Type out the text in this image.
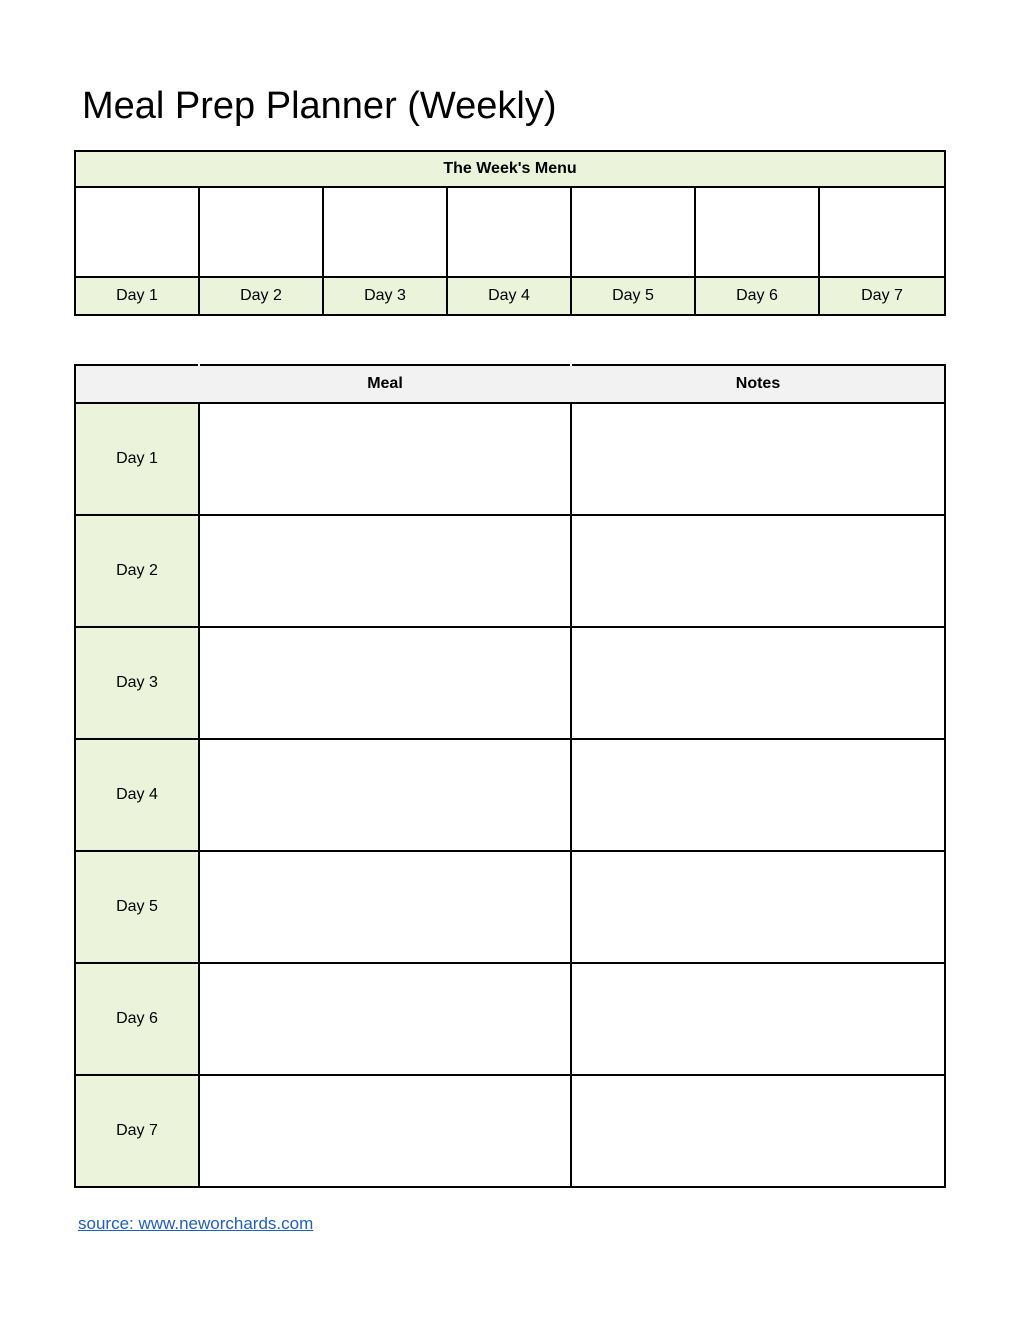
Meal Prep Planner (Weekly)
The Week's Menu						

Day 1	Day 2	Day 3	Day 4	Day 5	Day 6	Day 7
	Meal	Notes
Day 1		
Day 2		
Day 3		
Day 4		
Day 5		
Day 6		
Day 7		
source: www.neworchards.com
